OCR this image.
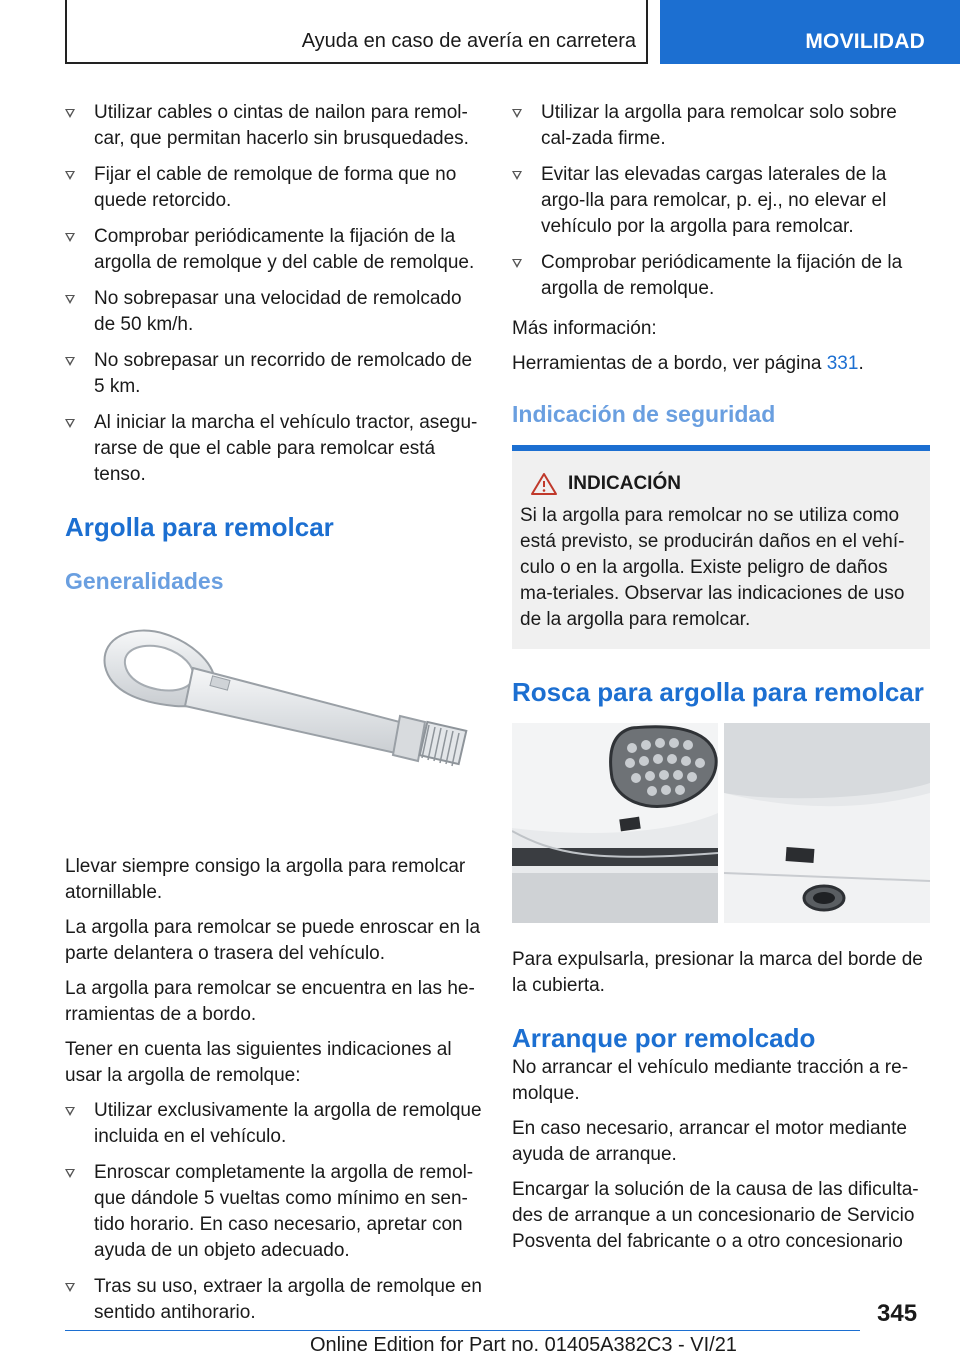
Ayuda en caso de avería en carretera	MOVILIDAD
Utilizar cables o cintas de nailon para remol-car, que permitan hacerlo sin brusquedades.
Fijar el cable de remolque de forma que no quede retorcido.
Comprobar periódicamente la fijación de la argolla de remolque y del cable de remolque.
No sobrepasar una velocidad de remolcado de 50 km/h.
No sobrepasar un recorrido de remolcado de 5 km.
Al iniciar la marcha el vehículo tractor, asegu-rarse de que el cable para remolcar está tenso.
Argolla para remolcar
Generalidades

Llevar siempre consigo la argolla para remolcar atornillable.

La argolla para remolcar se puede enroscar en la parte delantera o trasera del vehículo.

La argolla para remolcar se encuentra en las he-rramientas de a bordo.

Tener en cuenta las siguientes indicaciones al usar la argolla de remolque:

Utilizar exclusivamente la argolla de remolque incluida en el vehículo.
Enroscar completamente la argolla de remol-que dándole 5 vueltas como mínimo en sen-tido horario. En caso necesario, apretar con ayuda de un objeto adecuado.
Tras su uso, extraer la argolla de remolque en sentido antihorario.
Utilizar la argolla para remolcar solo sobre cal-zada firme.
Evitar las elevadas cargas laterales de la argo-lla para remolcar, p. ej., no elevar el vehículo por la argolla para remolcar.
Comprobar periódicamente la fijación de la argolla de remolque.

Más información:

Herramientas de a bordo, ver página 331.

Indicación de seguridad
INDICACIÓN
Si la argolla para remolcar no se utiliza como está previsto, se producirán daños en el vehí-culo o en la argolla. Existe peligro de daños ma-teriales. Observar las indicaciones de uso de la argolla para remolcar.
Rosca para argolla para remolcar

Para expulsarla, presionar la marca del borde de la cubierta.

Arranque por remolcado

No arrancar el vehículo mediante tracción a re-molque.

En caso necesario, arrancar el motor mediante ayuda de arranque.

Encargar la solución de la causa de las dificulta-des de arranque a un concesionario de Servicio Posventa del fabricante o a otro concesionario

345
Online Edition for Part no. 01405A382C3 - VI/21
